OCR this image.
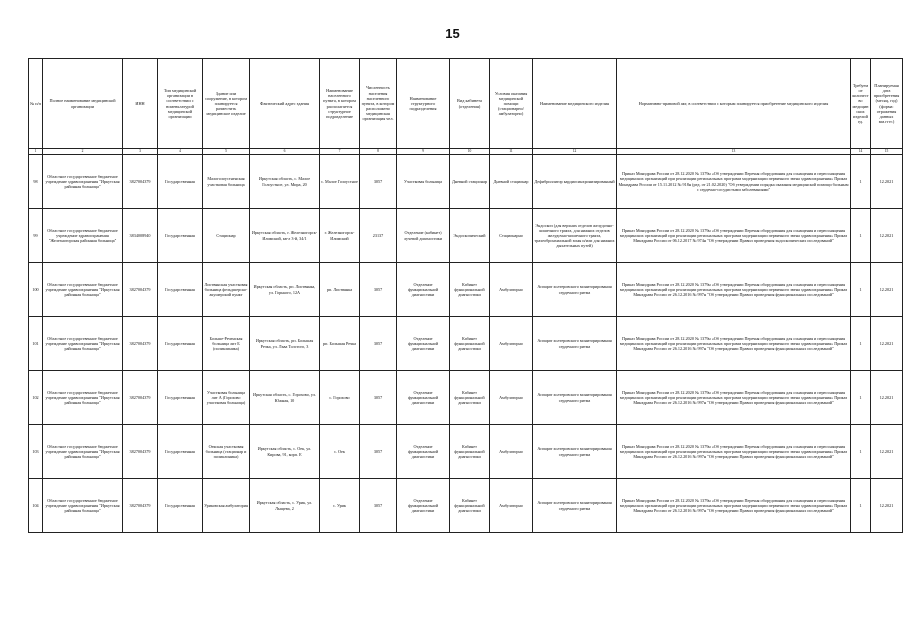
15
№ п/п	Полное наименование медицинской организации	ИНН	Тип медицинской организации в соответствии с номенклатурой медицинской организации	Здание или сооружение, в котором планируется разместить медицинское изделие	Фактический адрес здания	Наименование населенного пункта, в котором располагается структурное подразделение	Численность населения населенного пункта, в котором расположено медицинская организация чел.	Наименование структурного подразделения	Вид кабинета (отделения)	Условия оказания медицинской помощи (стационарно/амбулаторно)	Наименование медицинского изделия	Нормативно-правовой акт, в соответствии с которым планируется приобретение медицинского изделия	Требуемое количество медицинских изделий ед.	Планируемая дата приобретения (месяц, год) (форма: отражения данных мм.гггг.)
1	2	3	4	5	6	7	8	9	10	11	12	13	14	15
98	Областное государственное бюджетное учреждение здравоохранения "Иркутская районная больница"	3827004379	Государственная	Малоголоустненская участковая больница	Иркутская область, с. Малое Голоустное, ул. Мира, 20	с. Малое Голоустное	3057	Участковая больница	Дневной стационар	Дневной стационар	Дефибриллятор кардиосинхронизированный	Приказ Минздрава России от 28.12.2020 № 1379н «Об утверждении Перечня оборудования для оснащения и переоснащения медицинских организаций при реализации региональных программ модернизации первичного звена здравоохранения» Приказ Минздрава России от 15.11.2012 № 918н (ред. от 21.02.2020) "Об утверждении порядка оказания медицинской помощи больным с сердечно-сосудистыми заболеваниями"	1	12.2021
99	Областное государственное бюджетное учреждение здравоохранения "Железногорская районная больница"	3834008940	Государственная	Стационар	Иркутская область, г. Железногорск-Илимский, кв-л 3-й, 34/1	г. Железногорск-Илимский	23137	Отделение (кабинет) лучевой диагностики	Эндоскопический	Стационарно	Эндоскоп (для верхних отделов желудочно-кишечного тракта, для нижних отделов желудочно-кишечного тракта, трахеобронхиальной зоны и/или для нижних дыхательных путей)	Приказ Минздрава России от 28.12.2020 № 1379н «Об утверждении Перечня оборудования для оснащения и переоснащения медицинских организаций при реализации региональных программ модернизации первичного звена здравоохранения» Приказ Минздрава России от 06.12.2017 № 974н "Об утверждении Правил проведения эндоскопических исследований"	1	12.2021
100	Областное государственное бюджетное учреждение здравоохранения "Иркутская районная больница"	3827004379	Государственная	Листвянская участковая больница фельдшерско-акушерский пункт	Иркутская область, рп. Листвянка, ул. Горького, 12А	рп. Листвянка	3057	Отделение функциональной диагностики	Кабинет функциональной диагностики	Амбулаторно	Аппарат холтеровского мониторирования сердечного ритма	Приказ Минздрава России от 28.12.2020 № 1379н «Об утверждении Перечня оборудования для оснащения и переоснащения медицинских организаций при реализации региональных программ модернизации первичного звена здравоохранения» Приказ Минздрава России от 26.12.2016 № 997н "Об утверждении Правил проведения функциональных исследований"	1	12.2021
101	Областное государственное бюджетное учреждение здравоохранения "Иркутская районная больница"	3827004379	Государственная	Больше-Реченская больница лит Б (поликлиника)	Иркутская область, рп. Большая Речка, ул. Льва Толстого, 3	рп. Большая Речка	3057	Отделение функциональной диагностики	Кабинет функциональной диагностики	Амбулаторно	Аппарат холтеровского мониторирования сердечного ритма	Приказ Минздрава России от 28.12.2020 № 1379н «Об утверждении Перечня оборудования для оснащения и переоснащения медицинских организаций при реализации региональных программ модернизации первичного звена здравоохранения» Приказ Минздрава России от 26.12.2016 № 997н "Об утверждении Правил проведения функциональных исследований"	1	12.2021
102	Областное государственное бюджетное учреждение здравоохранения "Иркутская районная больница"	3827004379	Государственная	Участковая больница лит А (Горохово участковая больница)	Иркутская область, с. Горохово, ул. Южная, 10	с. Горохово	3057	Отделение функциональной диагностики	Кабинет функциональной диагностики	Амбулаторно	Аппарат холтеровского мониторирования сердечного ритма	Приказ Минздрава России от 28.12.2020 № 1379н «Об утверждении Перечня оборудования для оснащения и переоснащения медицинских организаций при реализации региональных программ модернизации первичного звена здравоохранения» Приказ Минздрава России от 26.12.2016 № 997н "Об утверждении Правил проведения функциональных исследований"	1	12.2021
103	Областное государственное бюджетное учреждение здравоохранения "Иркутская районная больница"	3827004379	Государственная	Оекская участковая больница (стационар и поликлиника)	Иркутская область, с. Оек, ул. Кирова, 91, корп. Е	с. Оек	3057	Отделение функциональной диагностики	Кабинет функциональной диагностики	Амбулаторно	Аппарат холтеровского мониторирования сердечного ритма	Приказ Минздрава России от 28.12.2020 № 1379н «Об утверждении Перечня оборудования для оснащения и переоснащения медицинских организаций при реализации региональных программ модернизации первичного звена здравоохранения» Приказ Минздрава России от 26.12.2016 № 997н "Об утверждении Правил проведения функциональных исследований"	1	12.2021
104	Областное государственное бюджетное учреждение здравоохранения "Иркутская районная больница"	3827004379	Государственная	Уриковская амбулатория	Иркутская область, с. Урик, ул. Лыщева, 2	с. Урик	3057	Отделение функциональной диагностики	Кабинет функциональной диагностики	Амбулаторно	Аппарат холтеровского мониторирования сердечного ритма	Приказ Минздрава России от 28.12.2020 № 1379н «Об утверждении Перечня оборудования для оснащения и переоснащения медицинских организаций при реализации региональных программ модернизации первичного звена здравоохранения» Приказ Минздрава России от 26.12.2016 № 997н "Об утверждении Правил проведения функциональных исследований"	1	12.2021
